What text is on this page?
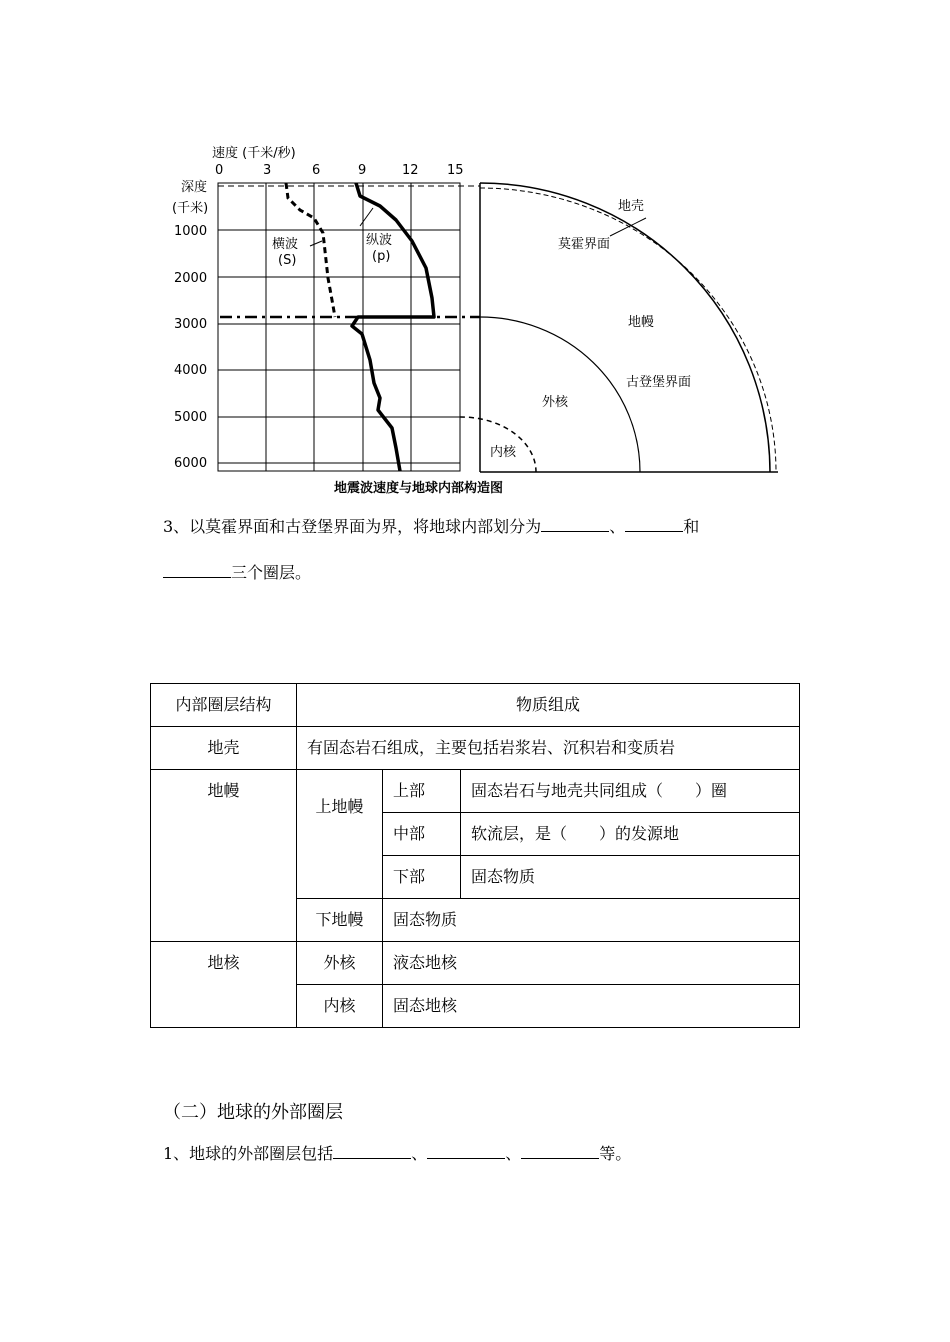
速度 (千米/秒)
0	3	6	9	12 15
深度
(千米)
1000
2000
3000
4000
5000
6000
横波
(S)
纵波
(p)
地壳
莫霍界面
地幔
古登堡界面
外核
内核
地震波速度与地球内部构造图
3、以莫霍界面和古登堡界面为界，将地球内部划分为	、	和
三个圈层。
内部圈层结构	物质组成		
地壳	有固态岩石组成，主要包括岩浆岩、沉积岩和变质岩		
地幔	上地幔	上部	固态岩石与地壳共同组成（　　）圈
		中部	软流层，是（　　）的发源地
		下部	固态物质
	下地幔	固态物质	
地核	外核	液态地核	
	内核	固态地核	
（二）地球的外部圈层
1、地球的外部圈层包括	、	、	等。
